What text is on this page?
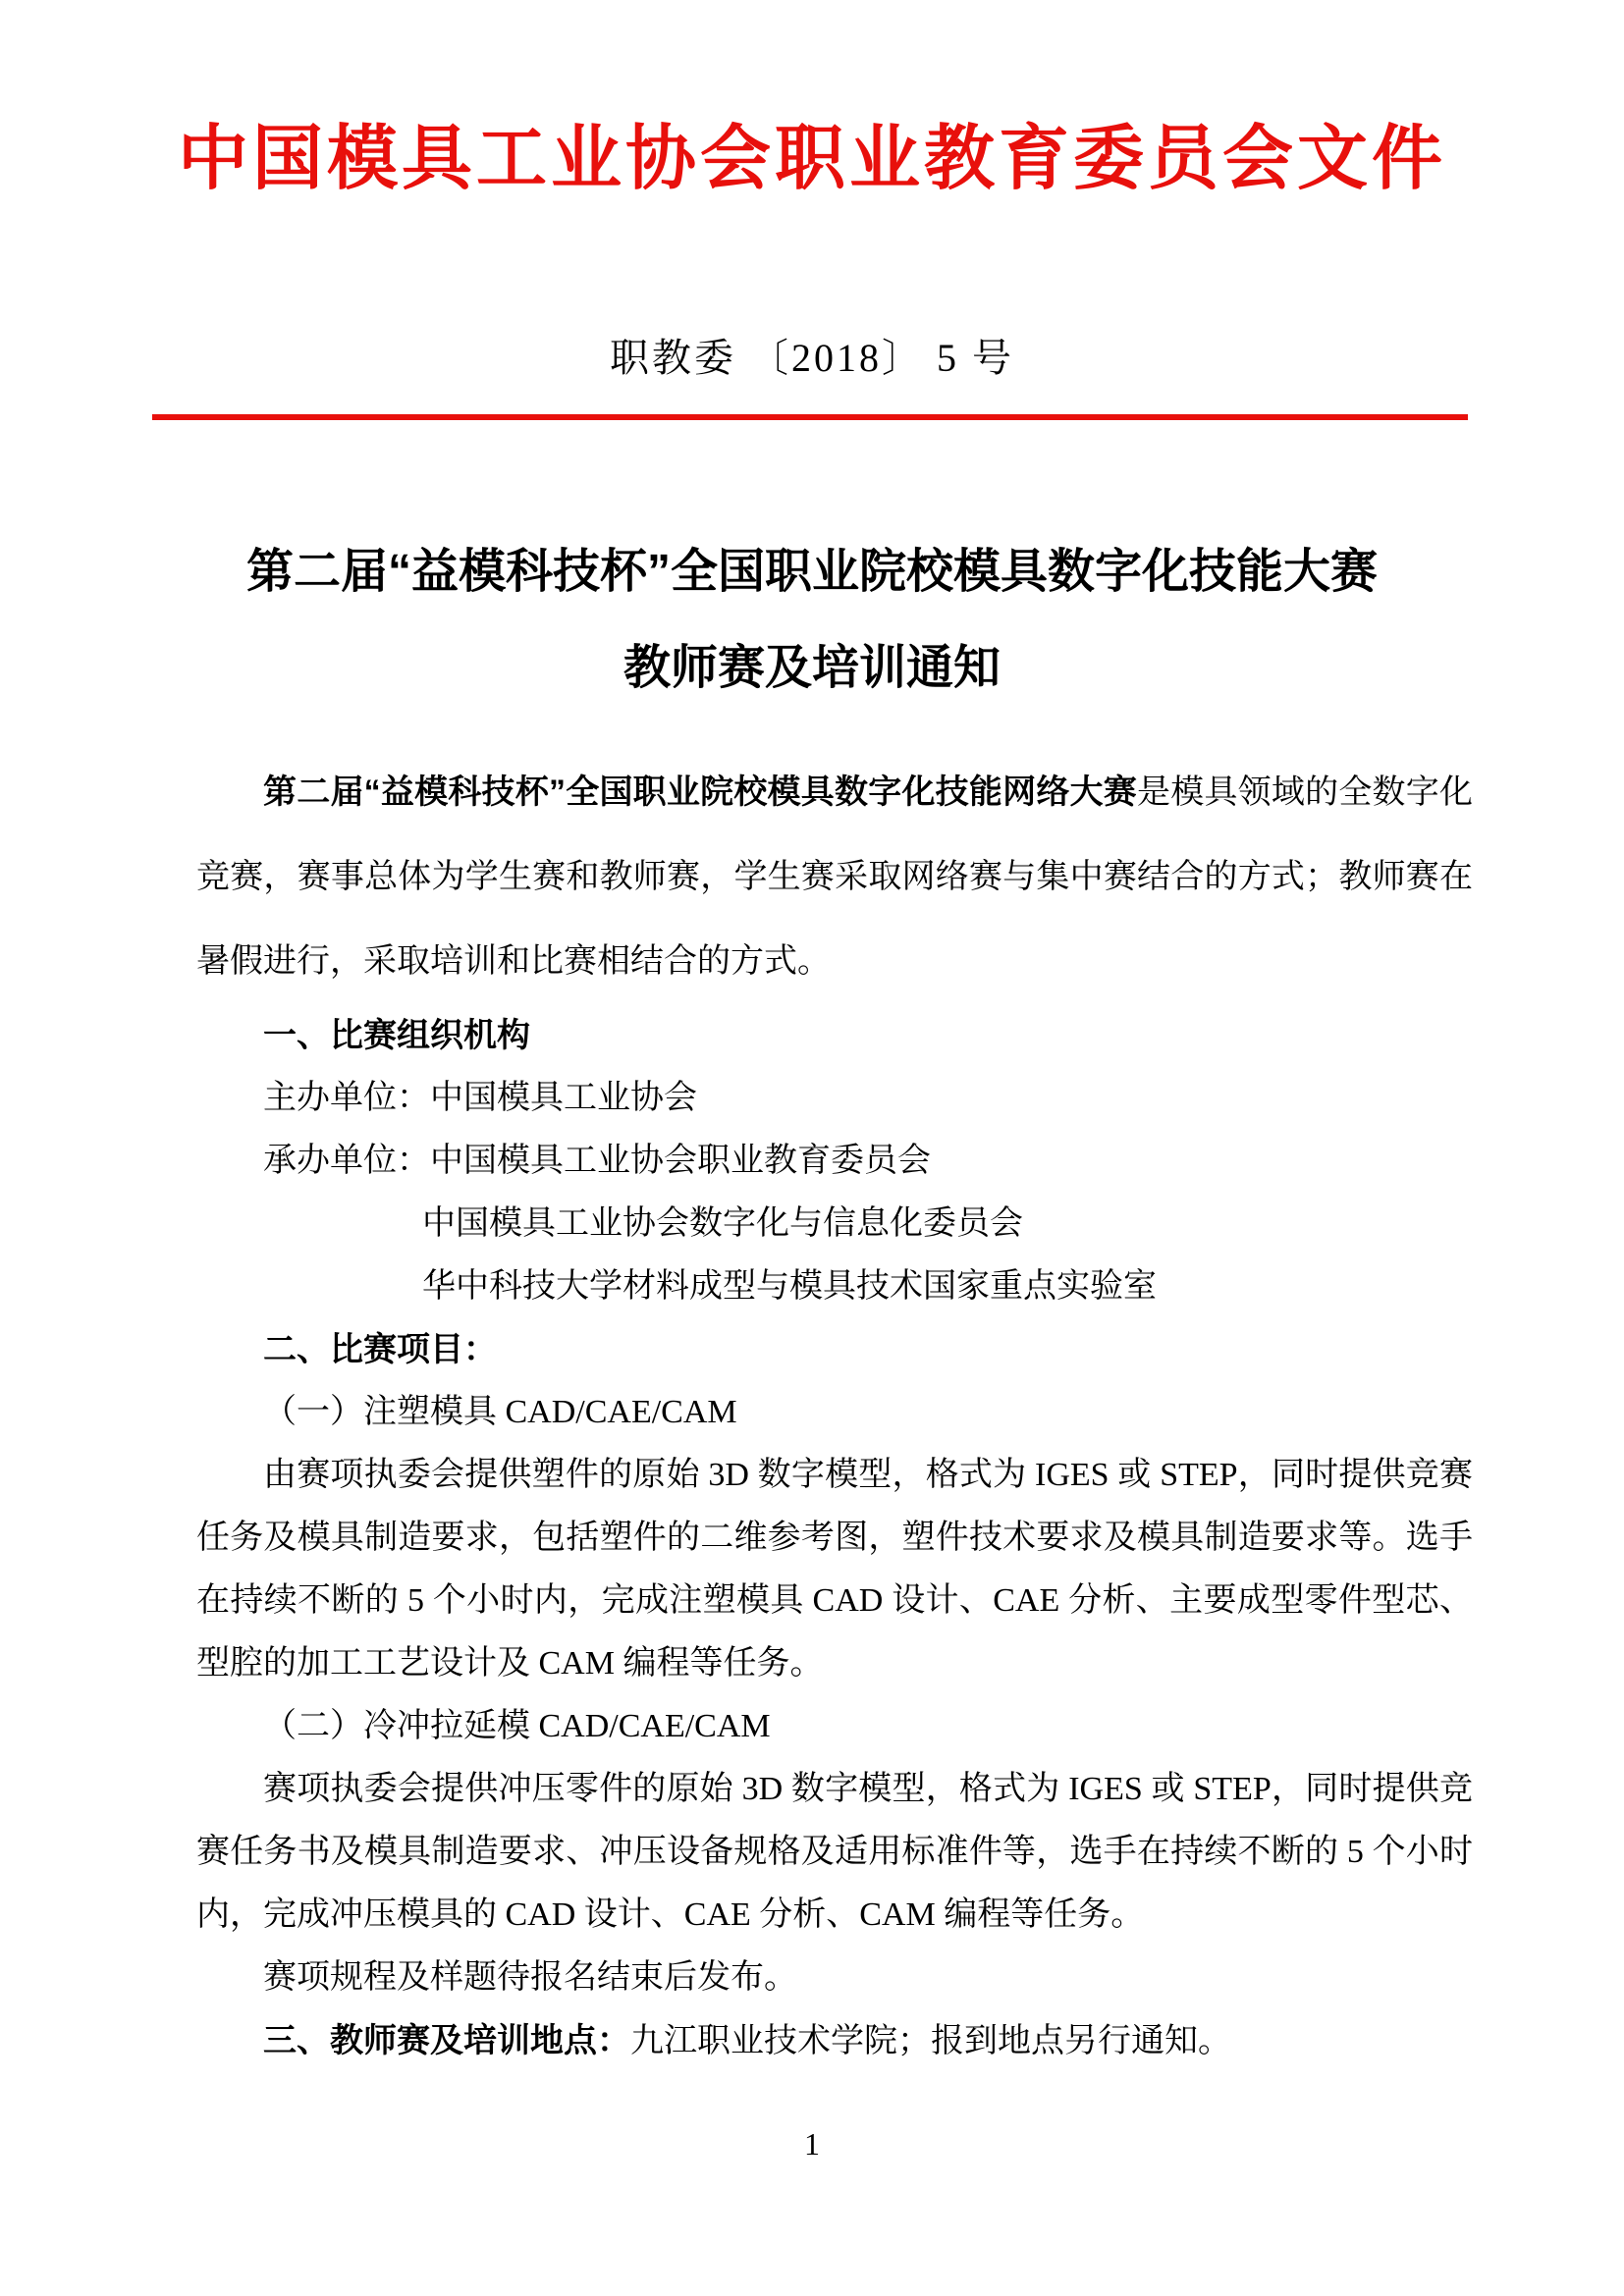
中国模具工业协会职业教育委员会文件
职教委 〔2018〕 5 号
第二届“益模科技杯”全国职业院校模具数字化技能大赛
教师赛及培训通知

第二届“益模科技杯”全国职业院校模具数字化技能网络大赛是模具领域的全数字化竞赛，赛事总体为学生赛和教师赛，学生赛采取网络赛与集中赛结合的方式；教师赛在暑假进行，采取培训和比赛相结合的方式。

一、比赛组织机构

主办单位：中国模具工业协会

承办单位：中国模具工业协会职业教育委员会

中国模具工业协会数字化与信息化委员会

华中科技大学材料成型与模具技术国家重点实验室

二、比赛项目：

（一）注塑模具 CAD/CAE/CAM

由赛项执委会提供塑件的原始 3D 数字模型，格式为 IGES 或 STEP，同时提供竞赛任务及模具制造要求，包括塑件的二维参考图，塑件技术要求及模具制造要求等。选手在持续不断的 5 个小时内，完成注塑模具 CAD 设计、CAE 分析、主要成型零件型芯、型腔的加工工艺设计及 CAM 编程等任务。

（二）冷冲拉延模 CAD/CAE/CAM

赛项执委会提供冲压零件的原始 3D 数字模型，格式为 IGES 或 STEP，同时提供竞赛任务书及模具制造要求、冲压设备规格及适用标准件等，选手在持续不断的 5 个小时内，完成冲压模具的 CAD 设计、CAE 分析、CAM 编程等任务。

赛项规程及样题待报名结束后发布。

三、教师赛及培训地点：九江职业技术学院；报到地点另行通知。

1
